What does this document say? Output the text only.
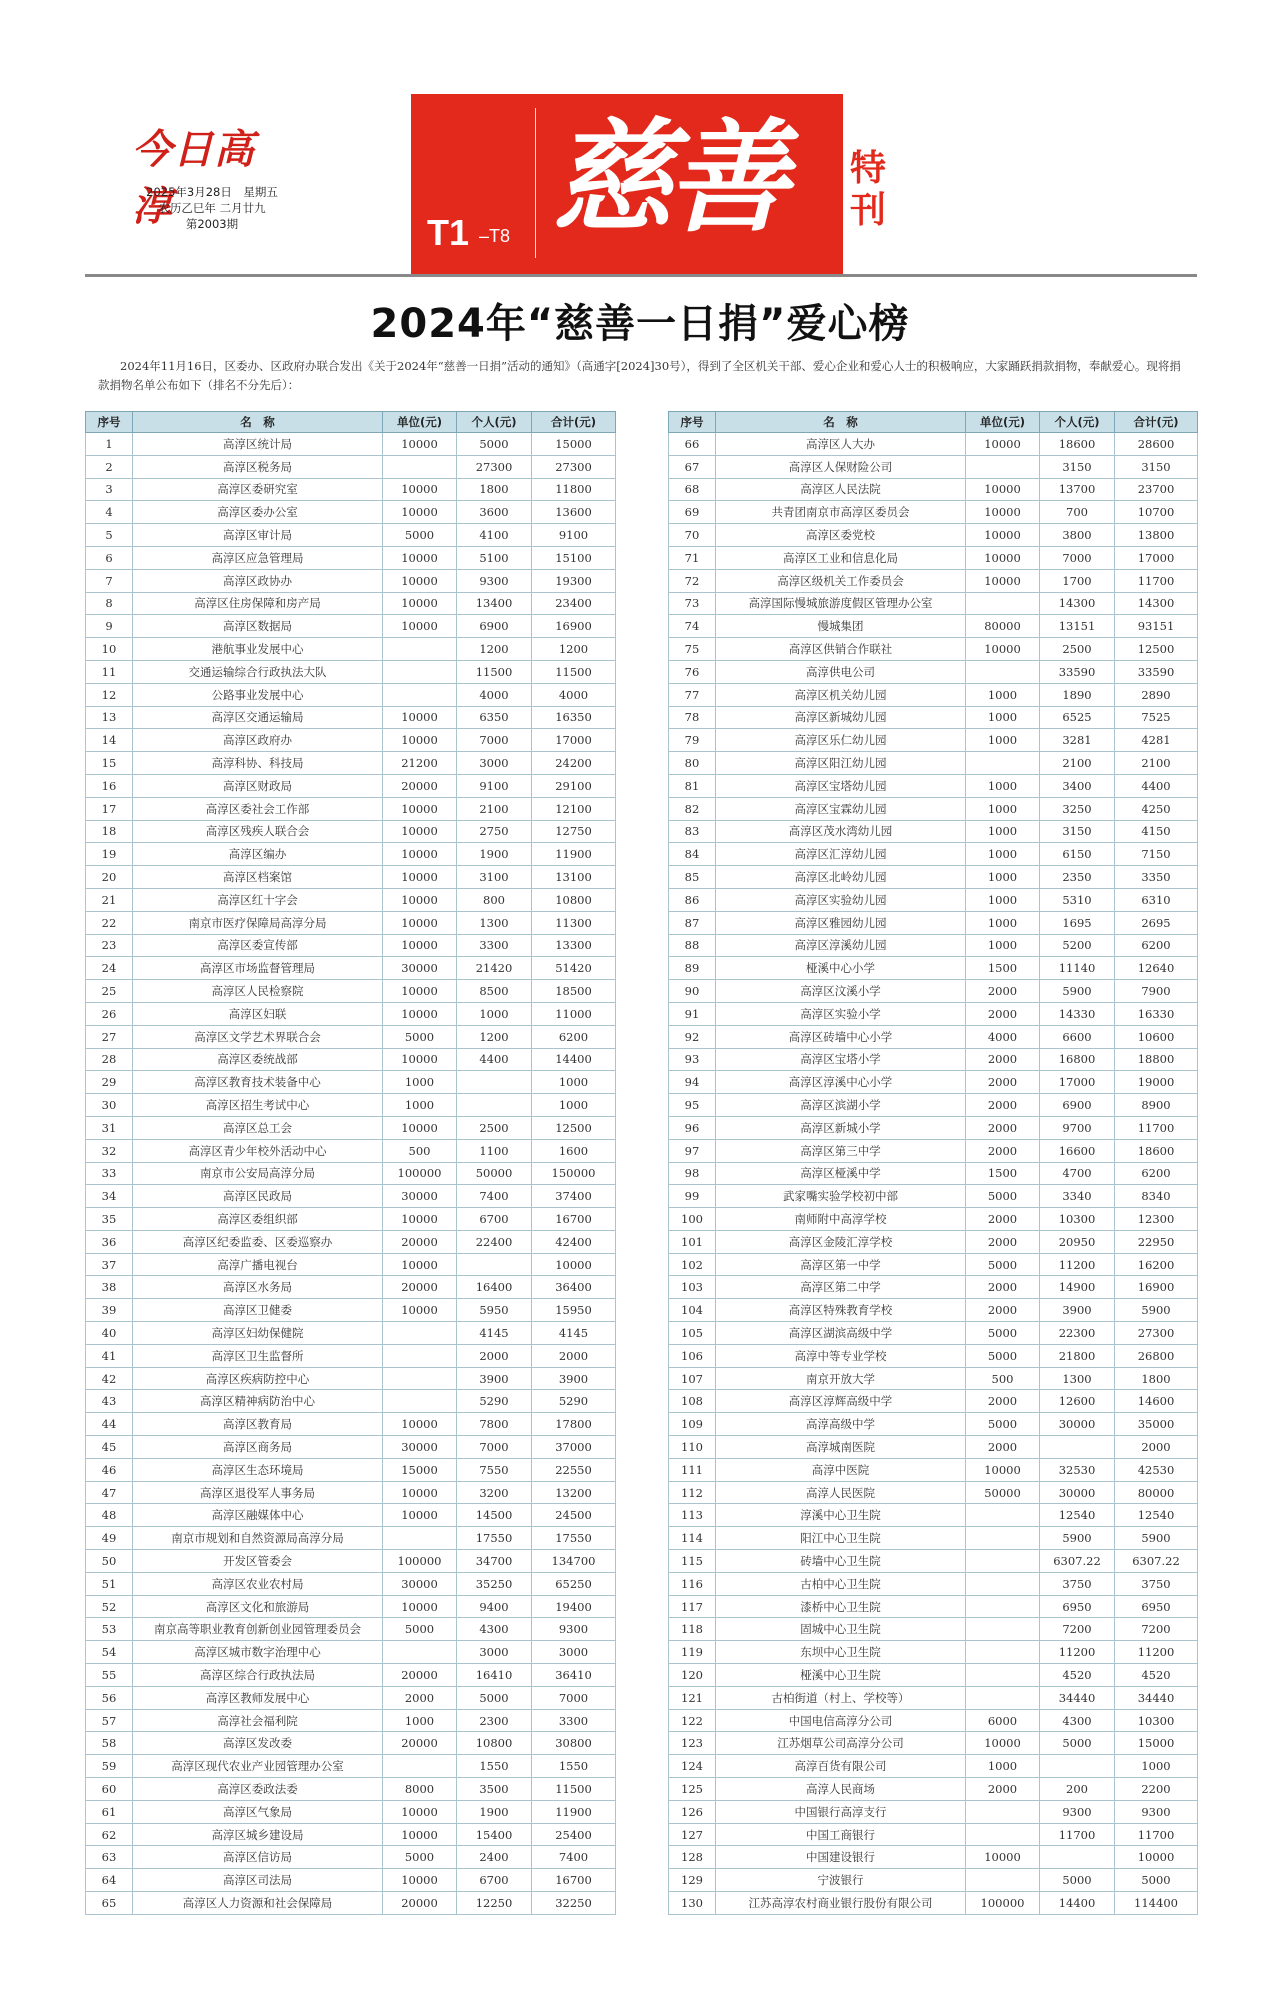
今日高淳
2025年3月28日　星期五
农历乙巳年 二月廿九
第2003期	T1 –T8 慈善 特刊
2024年“慈善一日捐”爱心榜
2024年11月16日，区委办、区政府办联合发出《关于2024年“慈善一日捐”活动的通知》（高通字[2024]30号），得到了全区机关干部、爱心企业和爱心人士的积极响应，大家踊跃捐款捐物，奉献爱心。现将捐款捐物名单公布如下（排名不分先后）：
序号	名　称	单位(元)	个人(元)	合计(元)
1	高淳区统计局	10000	5000	15000
2	高淳区税务局		27300	27300
3	高淳区委研究室	10000	1800	11800
4	高淳区委办公室	10000	3600	13600
5	高淳区审计局	5000	4100	9100
6	高淳区应急管理局	10000	5100	15100
7	高淳区政协办	10000	9300	19300
8	高淳区住房保障和房产局	10000	13400	23400
9	高淳区数据局	10000	6900	16900
10	港航事业发展中心		1200	1200
11	交通运输综合行政执法大队		11500	11500
12	公路事业发展中心		4000	4000
13	高淳区交通运输局	10000	6350	16350
14	高淳区政府办	10000	7000	17000
15	高淳科协、科技局	21200	3000	24200
16	高淳区财政局	20000	9100	29100
17	高淳区委社会工作部	10000	2100	12100
18	高淳区残疾人联合会	10000	2750	12750
19	高淳区编办	10000	1900	11900
20	高淳区档案馆	10000	3100	13100
21	高淳区红十字会	10000	800	10800
22	南京市医疗保障局高淳分局	10000	1300	11300
23	高淳区委宣传部	10000	3300	13300
24	高淳区市场监督管理局	30000	21420	51420
25	高淳区人民检察院	10000	8500	18500
26	高淳区妇联	10000	1000	11000
27	高淳区文学艺术界联合会	5000	1200	6200
28	高淳区委统战部	10000	4400	14400
29	高淳区教育技术装备中心	1000		1000
30	高淳区招生考试中心	1000		1000
31	高淳区总工会	10000	2500	12500
32	高淳区青少年校外活动中心	500	1100	1600
33	南京市公安局高淳分局	100000	50000	150000
34	高淳区民政局	30000	7400	37400
35	高淳区委组织部	10000	6700	16700
36	高淳区纪委监委、区委巡察办	20000	22400	42400
37	高淳广播电视台	10000		10000
38	高淳区水务局	20000	16400	36400
39	高淳区卫健委	10000	5950	15950
40	高淳区妇幼保健院		4145	4145
41	高淳区卫生监督所		2000	2000
42	高淳区疾病防控中心		3900	3900
43	高淳区精神病防治中心		5290	5290
44	高淳区教育局	10000	7800	17800
45	高淳区商务局	30000	7000	37000
46	高淳区生态环境局	15000	7550	22550
47	高淳区退役军人事务局	10000	3200	13200
48	高淳区融媒体中心	10000	14500	24500
49	南京市规划和自然资源局高淳分局		17550	17550
50	开发区管委会	100000	34700	134700
51	高淳区农业农村局	30000	35250	65250
52	高淳区文化和旅游局	10000	9400	19400
53	南京高等职业教育创新创业园管理委员会	5000	4300	9300
54	高淳区城市数字治理中心		3000	3000
55	高淳区综合行政执法局	20000	16410	36410
56	高淳区教师发展中心	2000	5000	7000
57	高淳社会福利院	1000	2300	3300
58	高淳区发改委	20000	10800	30800
59	高淳区现代农业产业园管理办公室		1550	1550
60	高淳区委政法委	8000	3500	11500
61	高淳区气象局	10000	1900	11900
62	高淳区城乡建设局	10000	15400	25400
63	高淳区信访局	5000	2400	7400
64	高淳区司法局	10000	6700	16700
65	高淳区人力资源和社会保障局	20000	12250	32250
序号	名　称	单位(元)	个人(元)	合计(元)
66	高淳区人大办	10000	18600	28600
67	高淳区人保财险公司		3150	3150
68	高淳区人民法院	10000	13700	23700
69	共青团南京市高淳区委员会	10000	700	10700
70	高淳区委党校	10000	3800	13800
71	高淳区工业和信息化局	10000	7000	17000
72	高淳区级机关工作委员会	10000	1700	11700
73	高淳国际慢城旅游度假区管理办公室		14300	14300
74	慢城集团	80000	13151	93151
75	高淳区供销合作联社	10000	2500	12500
76	高淳供电公司		33590	33590
77	高淳区机关幼儿园	1000	1890	2890
78	高淳区新城幼儿园	1000	6525	7525
79	高淳区乐仁幼儿园	1000	3281	4281
80	高淳区阳江幼儿园		2100	2100
81	高淳区宝塔幼儿园	1000	3400	4400
82	高淳区宝霖幼儿园	1000	3250	4250
83	高淳区茂水湾幼儿园	1000	3150	4150
84	高淳区汇淳幼儿园	1000	6150	7150
85	高淳区北岭幼儿园	1000	2350	3350
86	高淳区实验幼儿园	1000	5310	6310
87	高淳区雅园幼儿园	1000	1695	2695
88	高淳区淳溪幼儿园	1000	5200	6200
89	桠溪中心小学	1500	11140	12640
90	高淳区汶溪小学	2000	5900	7900
91	高淳区实验小学	2000	14330	16330
92	高淳区砖墙中心小学	4000	6600	10600
93	高淳区宝塔小学	2000	16800	18800
94	高淳区淳溪中心小学	2000	17000	19000
95	高淳区滨湖小学	2000	6900	8900
96	高淳区新城小学	2000	9700	11700
97	高淳区第三中学	2000	16600	18600
98	高淳区桠溪中学	1500	4700	6200
99	武家嘴实验学校初中部	5000	3340	8340
100	南师附中高淳学校	2000	10300	12300
101	高淳区金陵汇淳学校	2000	20950	22950
102	高淳区第一中学	5000	11200	16200
103	高淳区第二中学	2000	14900	16900
104	高淳区特殊教育学校	2000	3900	5900
105	高淳区湖滨高级中学	5000	22300	27300
106	高淳中等专业学校	5000	21800	26800
107	南京开放大学	500	1300	1800
108	高淳区淳辉高级中学	2000	12600	14600
109	高淳高级中学	5000	30000	35000
110	高淳城南医院	2000		2000
111	高淳中医院	10000	32530	42530
112	高淳人民医院	50000	30000	80000
113	淳溪中心卫生院		12540	12540
114	阳江中心卫生院		5900	5900
115	砖墙中心卫生院		6307.22	6307.22
116	古柏中心卫生院		3750	3750
117	漆桥中心卫生院		6950	6950
118	固城中心卫生院		7200	7200
119	东坝中心卫生院		11200	11200
120	桠溪中心卫生院		4520	4520
121	古柏街道（村上、学校等）		34440	34440
122	中国电信高淳分公司	6000	4300	10300
123	江苏烟草公司高淳分公司	10000	5000	15000
124	高淳百货有限公司	1000		1000
125	高淳人民商场	2000	200	2200
126	中国银行高淳支行		9300	9300
127	中国工商银行		11700	11700
128	中国建设银行	10000		10000
129	宁波银行		5000	5000
130	江苏高淳农村商业银行股份有限公司	100000	14400	114400
